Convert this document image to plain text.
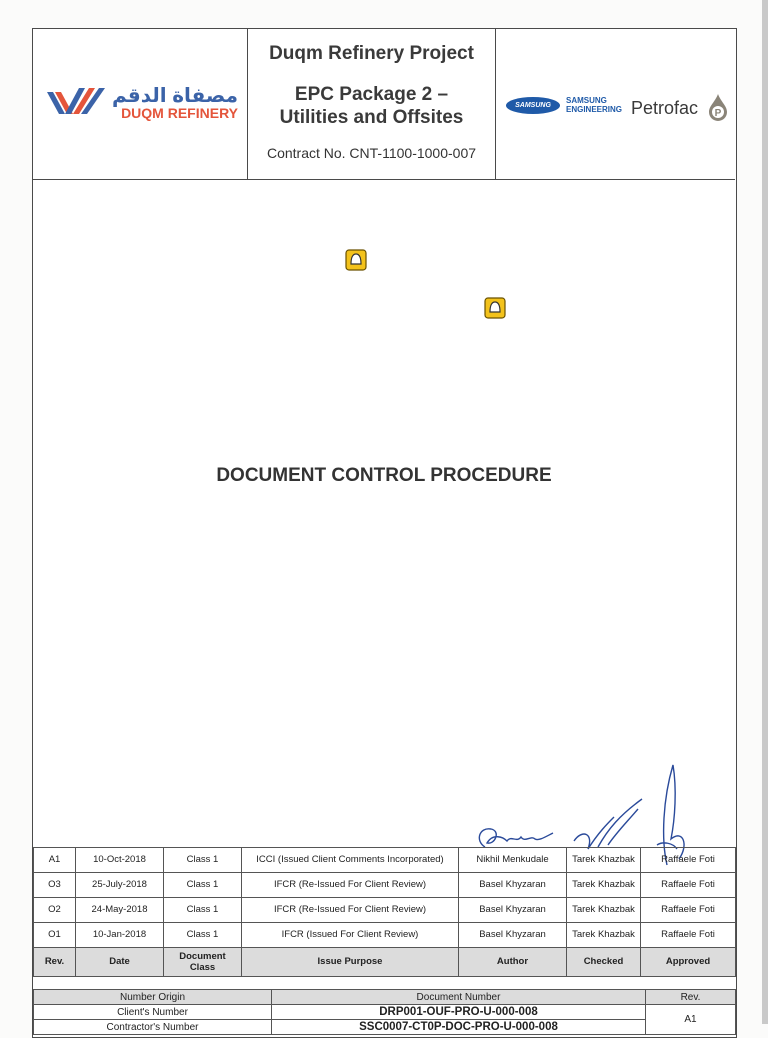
مصفاة الدقم
DUQM REFINERY
Duqm Refinery Project
EPC Package 2 –
Utilities and Offsites
Contract No. CNT-1100-1000-007
SAMSUNG
SAMSUNG
ENGINEERING Petrofac P
DOCUMENT CONTROL PROCEDURE
A1	10-Oct-2018	Class 1	ICCI (Issued Client Comments Incorporated)	Nikhil Menkudale	Tarek Khazbak	Raffaele Foti
O3	25-July-2018	Class 1	IFCR (Re-Issued For Client Review)	Basel Khyzaran	Tarek Khazbak	Raffaele Foti
O2	24-May-2018	Class 1	IFCR (Re-Issued For Client Review)	Basel Khyzaran	Tarek Khazbak	Raffaele Foti
O1	10-Jan-2018	Class 1	IFCR (Issued For Client Review)	Basel Khyzaran	Tarek Khazbak	Raffaele Foti
Rev.	Date	Document Class	Issue Purpose	Author	Checked	Approved
Number Origin	Document Number	Rev.
Client's Number	DRP001-OUF-PRO-U-000-008	A1
Contractor's Number	SSC0007-CT0P-DOC-PRO-U-000-008	
